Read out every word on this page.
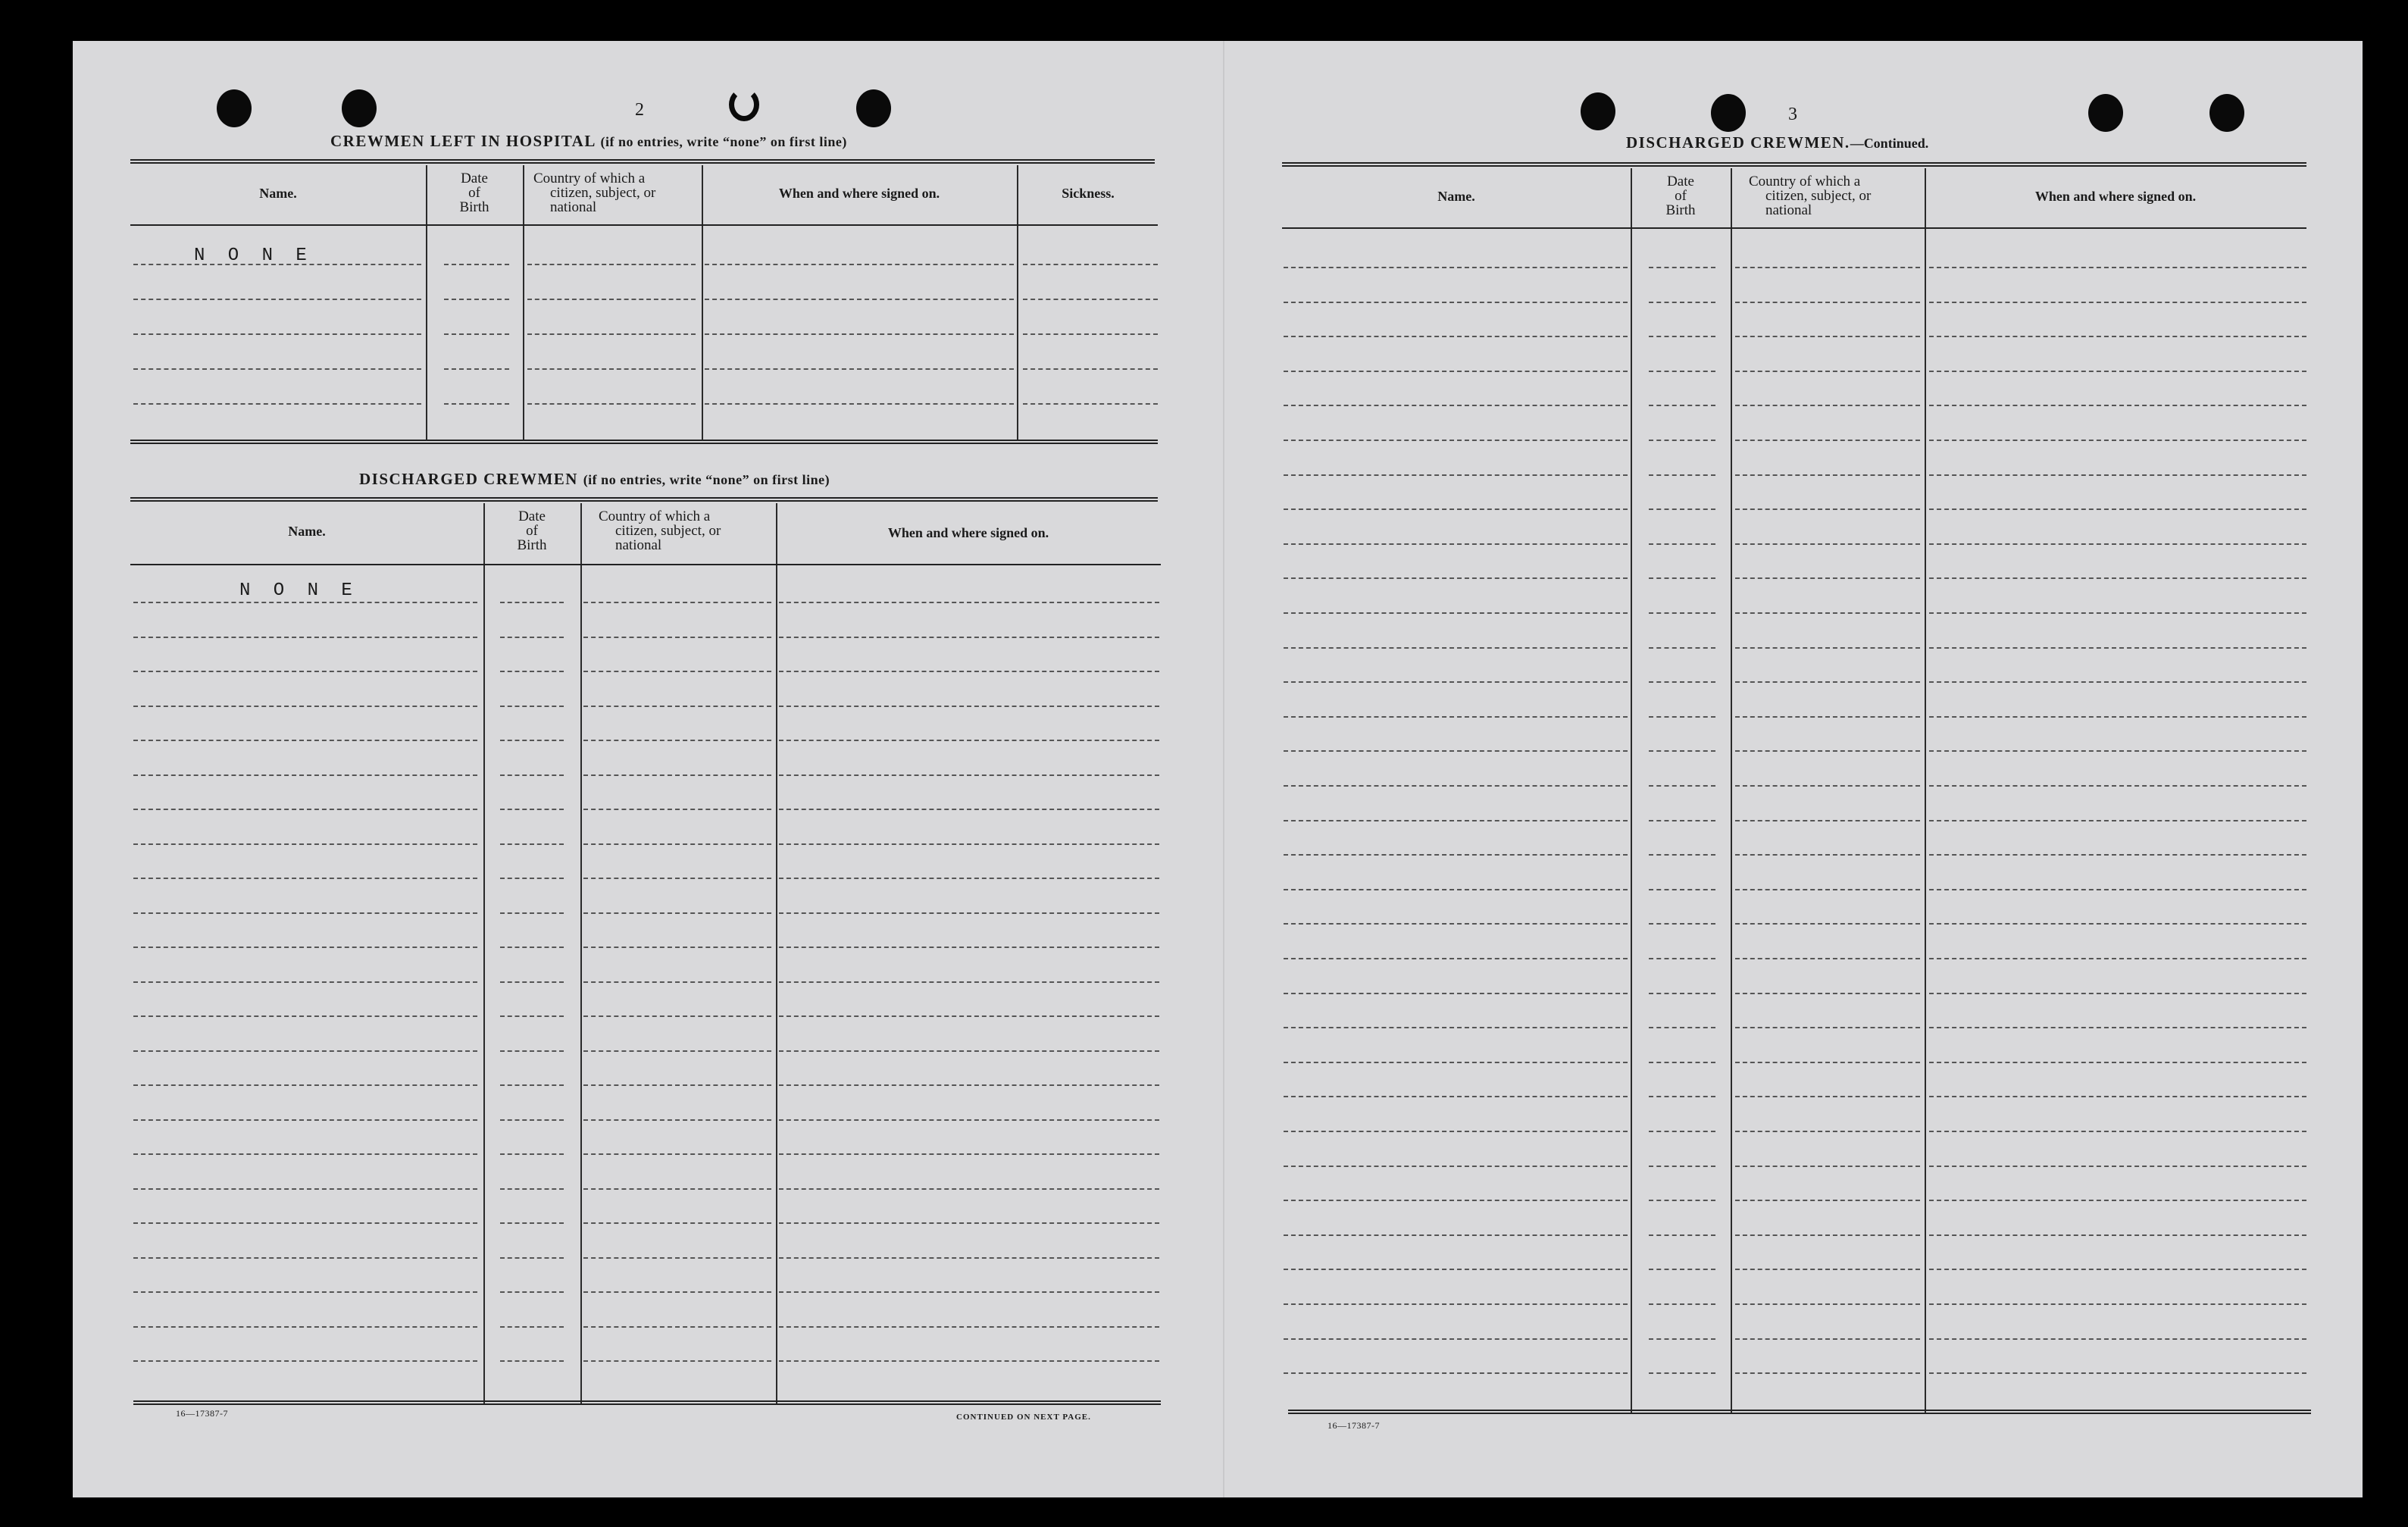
2
CREWMEN LEFT IN HOSPITAL (if no entries, write “none” on first line)
Name.
Date
of
Birth
Country of which a
citizen, subject, or
national
When and where signed on.	Sickness.
N O N E
DISCHARGED CREWMEN (if no entries, write “none” on first line)
Name.
Date
of
Birth
Country of which a
citizen, subject, or
national
When and where signed on.
N O N E
16—17387-7	CONTINUED ON NEXT PAGE.
3
DISCHARGED CREWMEN.—Continued.
Name.
Date
of
Birth
Country of which a
citizen, subject, or
national
When and where signed on.
16—17387-7
